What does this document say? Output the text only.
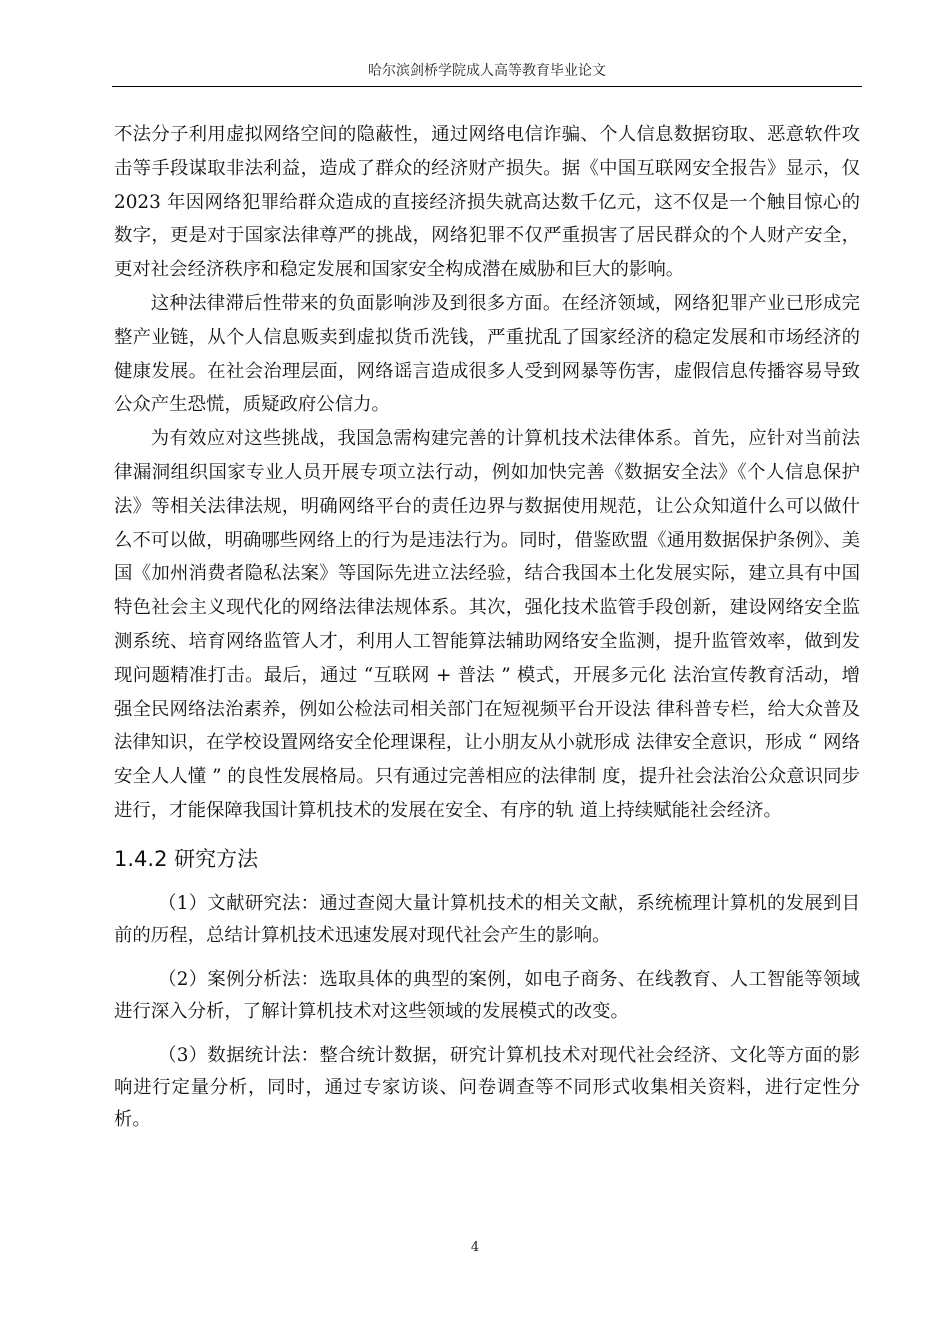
哈尔滨剑桥学院成人高等教育毕业论文

不法分子利用虚拟网络空间的隐蔽性，通过网络电信诈骗、个人信息数据窃取、恶意软件攻击等手段谋取非法利益，造成了群众的经济财产损失。据《中国互联网安全报告》显示，仅 2023 年因网络犯罪给群众造成的直接经济损失就高达数千亿元，这不仅是一个触目惊心的数字，更是对于国家法律尊严的挑战，网络犯罪不仅严重损害了居民群众的个人财产安全，更对社会经济秩序和稳定发展和国家安全构成潜在威胁和巨大的影响。

这种法律滞后性带来的负面影响涉及到很多方面。在经济领域，网络犯罪产业已形成完整产业链，从个人信息贩卖到虚拟货币洗钱，严重扰乱了国家经济的稳定发展和市场经济的健康发展。在社会治理层面，网络谣言造成很多人受到网暴等伤害，虚假信息传播容易导致公众产生恐慌，质疑政府公信力。

为有效应对这些挑战，我国急需构建完善的计算机技术法律体系。首先，应针对当前法律漏洞组织国家专业人员开展专项立法行动，例如加快完善《数据安全法》《个人信息保护法》等相关法律法规，明确网络平台的责任边界与数据使用规范，让公众知道什么可以做什么不可以做，明确哪些网络上的行为是违法行为。同时，借鉴欧盟《通用数据保护条例》、美国《加州消费者隐私法案》等国际先进立法经验，结合我国本土化发展实际，建立具有中国特色社会主义现代化的网络法律法规体系。其次，强化技术监管手段创新，建设网络安全监测系统、培育网络监管人才，利用人工智能算法辅助网络安全监测，提升监管效率，做到发现问题精准打击。最后，通过 “互联网 + 普法 ” 模式，开展多元化 法治宣传教育活动，增强全民网络法治素养，例如公检法司相关部门在短视频平台开设法 律科普专栏，给大众普及法律知识，在学校设置网络安全伦理课程，让小朋友从小就形成 法律安全意识，形成 “ 网络安全人人懂 ” 的良性发展格局。只有通过完善相应的法律制 度，提升社会法治公众意识同步进行，才能保障我国计算机技术的发展在安全、有序的轨 道上持续赋能社会经济。

1.4.2 研究方法

（1）文献研究法：通过查阅大量计算机技术的相关文献，系统梳理计算机的发展到目前的历程，总结计算机技术迅速发展对现代社会产生的影响。

（2）案例分析法：选取具体的典型的案例，如电子商务、在线教育、人工智能等领域进行深入分析，了解计算机技术对这些领域的发展模式的改变。

（3）数据统计法：整合统计数据，研究计算机技术对现代社会经济、文化等方面的影响进行定量分析，同时，通过专家访谈、问卷调查等不同形式收集相关资料，进行定性分析。

4
